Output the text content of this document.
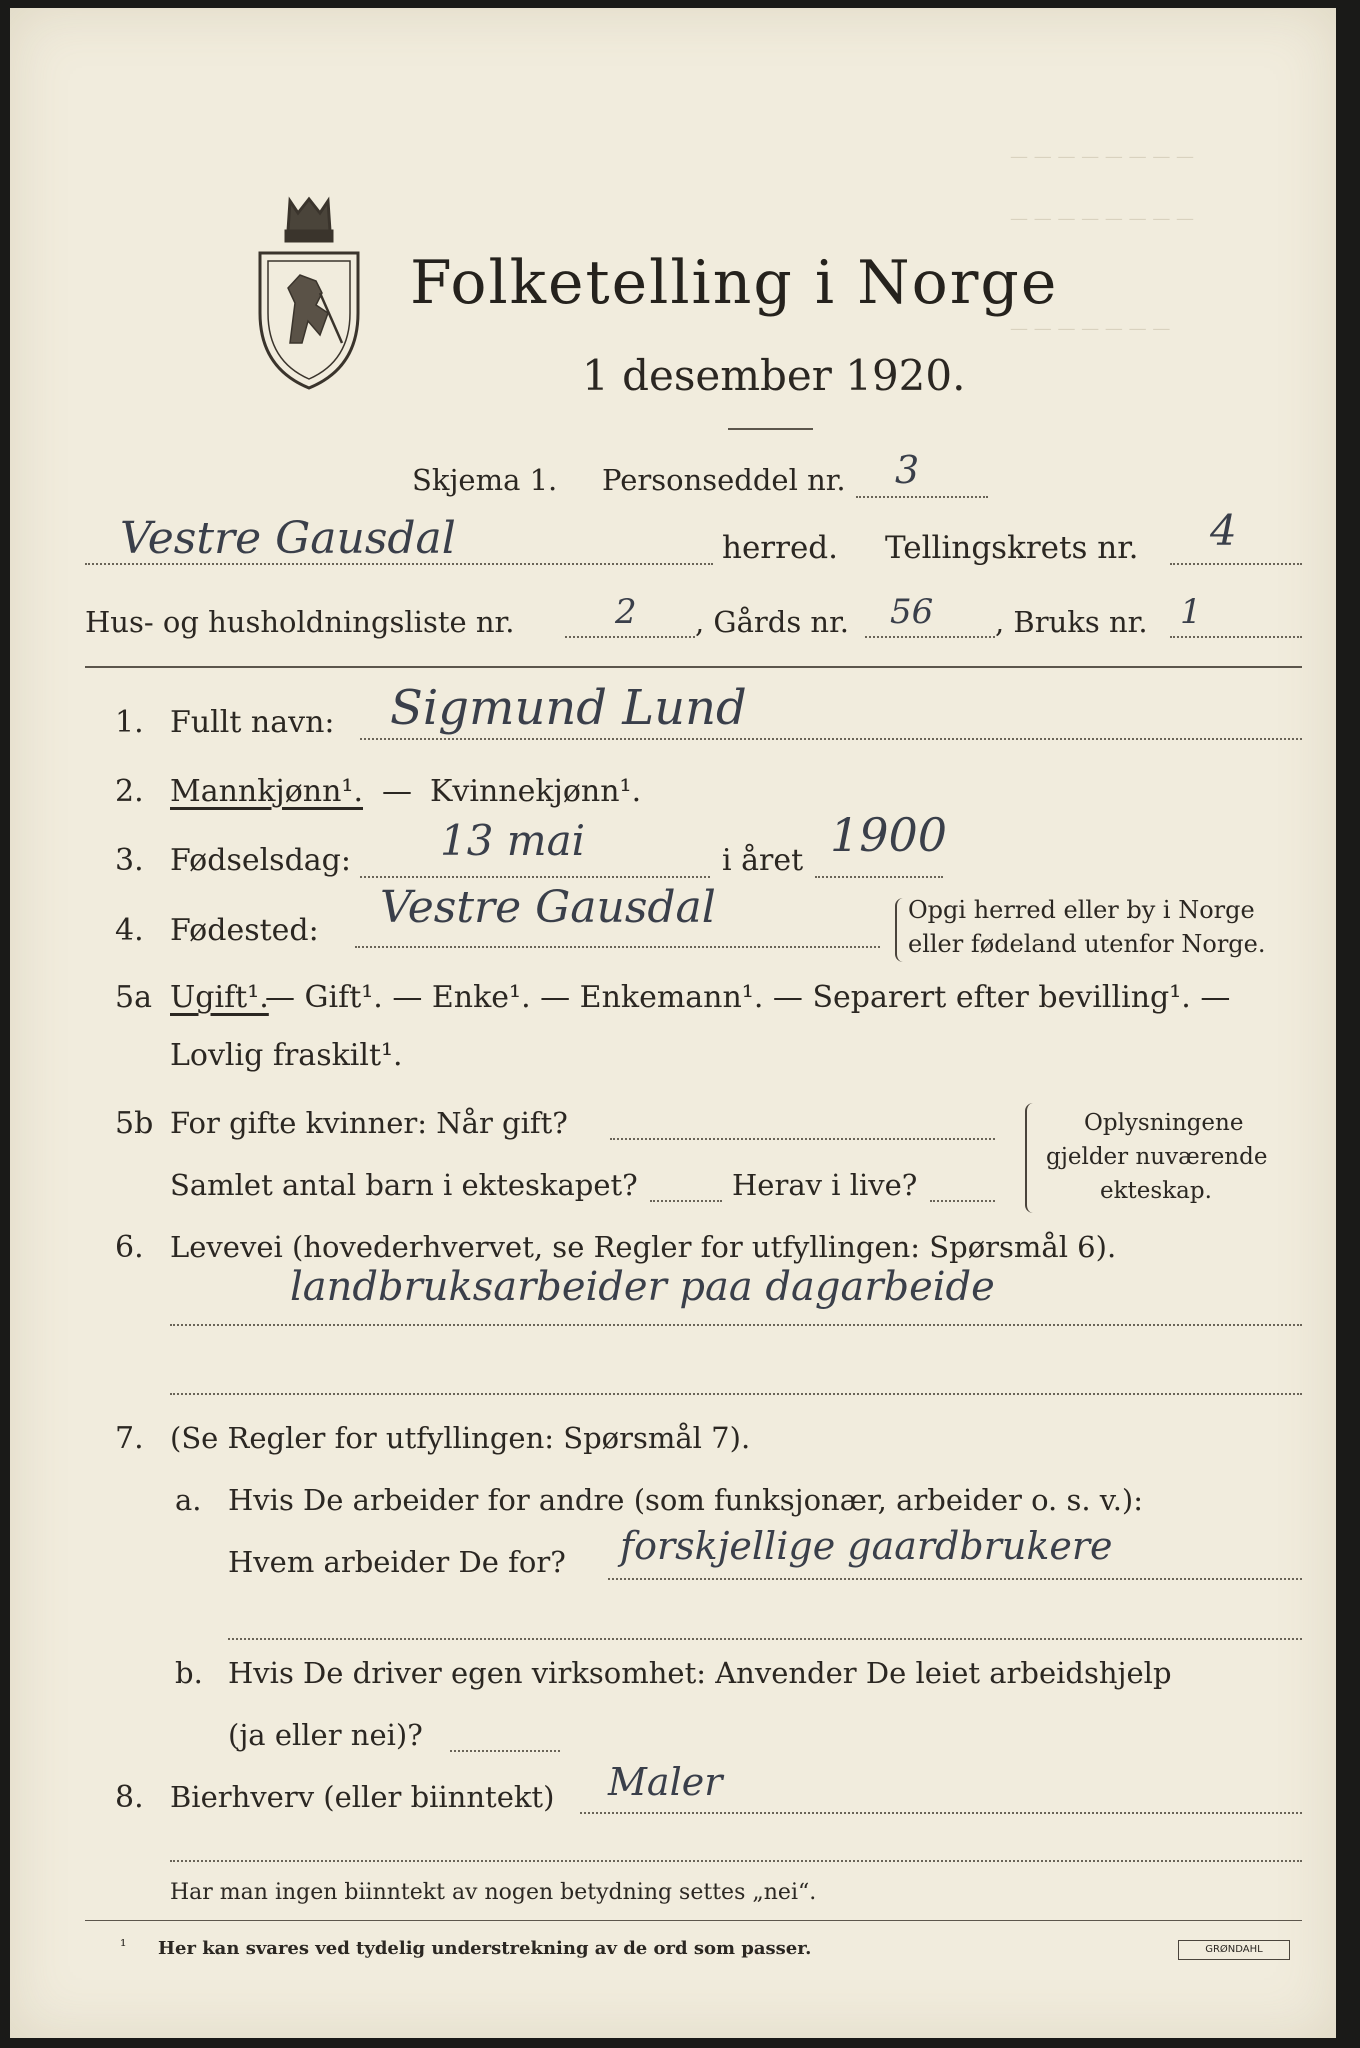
— — — — — — — —
— — — — — — — —
— — — — — — —
Folketelling i Norge
1 desember 1920.
Skjema 1. Personseddel nr. 3
Vestre Gausdal	herred. Tellingskrets nr. 4
Hus- og husholdningsliste nr.	2 , Gårds nr. 56 , Bruks nr. 1
1. Fullt navn: Sigmund Lund
2. Mannkjønn¹. — Kvinnekjønn¹.
3. Fødselsdag: 13 mai	i året 1900
4. Fødested: Vestre Gausdal	Opgi herred eller by i Norge
eller fødeland utenfor Norge.
5a Ugift¹.
— Gift¹. — Enke¹. — Enkemann¹. — Separert efter bevilling¹. —
Lovlig fraskilt¹.
5b For gifte kvinner: Når gift?
Samlet antal barn i ekteskapet?	Herav i live?
Oplysningene
gjelder nuværende
ekteskap.
6. Levevei (hovederhvervet, se Regler for utfyllingen: Spørsmål 6).
landbruksarbeider paa dagarbeide
7. (Se Regler for utfyllingen: Spørsmål 7).
a. Hvis De arbeider for andre (som funksjonær, arbeider o. s. v.):
Hvem arbeider De for? forskjellige gaardbrukere
b. Hvis De driver egen virksomhet: Anvender De leiet arbeidshjelp
(ja eller nei)?
8. Bierhverv (eller biinntekt) Maler
Har man ingen biinntekt av nogen betydning settes „nei“.
¹ Her kan svares ved tydelig understrekning av de ord som passer.	GRØNDAHL
